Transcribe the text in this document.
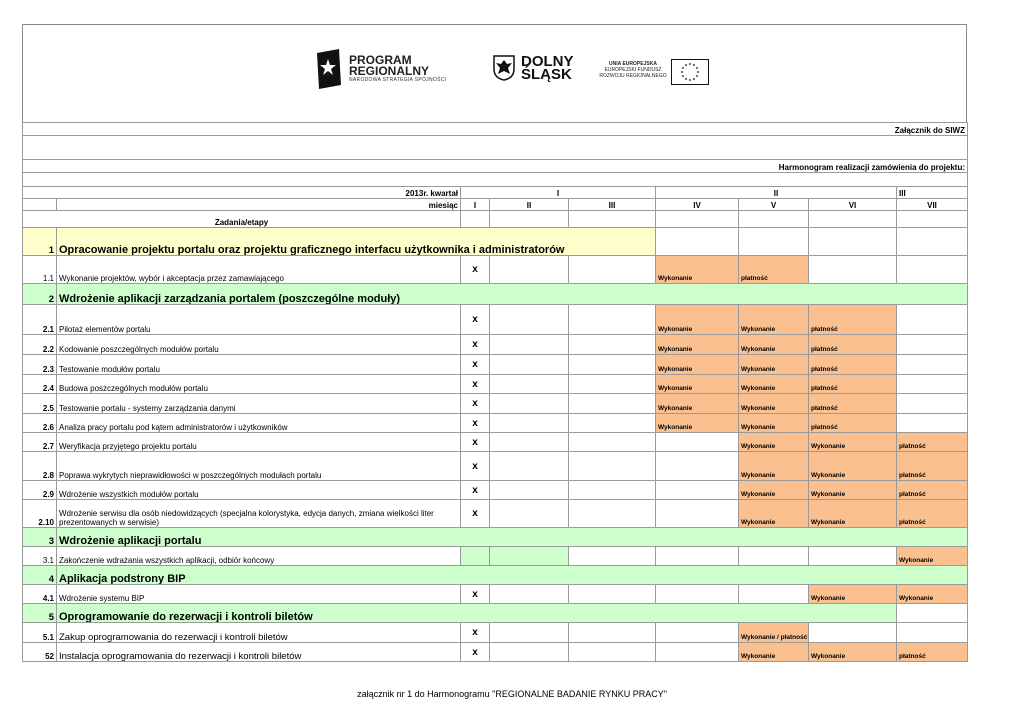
PROGRAM
REGIONALNY
NARODOWA STRATEGIA SPÓJNOŚCI
DOLNY
ŚLĄSK
UNIA EUROPEJSKA
EUROPEJSKI FUNDUSZ
ROZWOJU REGIONALNEGO
Załącznik do SIWZ									

Harmonogram realizacji zamówienia do projektu:									

2013r. kwartał		I			II			III	
	miesiąc	I	II	III	IV	V	VI	VII	
Zadania/etapy									
1	Opracowanie projektu portalu oraz projektu graficznego interfacu użytkownika i administratorów								
1.1	Wykonanie projektów, wybór i akceptacja przez zamawiającego	x			Wykonanie	płatność			
2	Wdrożenie aplikacji zarządzania portalem (poszczególne moduły)								
2.1	Pilotaż elementów portalu	x			Wykonanie	Wykonanie	płatność		
2.2	Kodowanie poszczególnych modułów portalu	x			Wykonanie	Wykonanie	płatność		
2.3	Testowanie modułów portalu	x			Wykonanie	Wykonanie	płatność		
2.4	Budowa poszczególnych modułów portalu	x			Wykonanie	Wykonanie	płatność		
2.5	Testowanie portalu - systemy zarządzania danymi	x			Wykonanie	Wykonanie	płatność		
2.6	Analiza pracy portalu pod kątem administratorów i użytkowników	x			Wykonanie	Wykonanie	płatność		
2.7	Weryfikacja przyjętego projektu portalu	x				Wykonanie	Wykonanie	płatność	
2.8	Poprawa wykrytych nieprawidłowości w poszczególnych modułach portalu	x				Wykonanie	Wykonanie	płatność	
2.9	Wdrożenie wszystkich modułów portalu	x				Wykonanie	Wykonanie	płatność	
2.10	Wdrożenie serwisu dla osób niedowidzących (specjalna kolorystyka, edycja danych, zmiana wielkości liter prezentowanych w serwisie)	x				Wykonanie	Wykonanie	płatność	
3	Wdrożenie aplikacji portalu								
3.1	Zakończenie wdrażania wszystkich aplikacji, odbiór końcowy							Wykonanie	
4	Aplikacja podstrony BIP								
4.1	Wdrożenie systemu BIP	x					Wykonanie	Wykonanie	
5	Oprogramowanie do rezerwacji i kontroli biletów								
5.1	Zakup oprogramowania do rezerwacji i kontroli biletów	x				Wykonanie / płatność			
52	Instalacja oprogramowania do rezerwacji i kontroli biletów	x				Wykonanie	Wykonanie	płatność	
załącznik nr 1 do Harmonogramu "REGIONALNE BADANIE RYNKU PRACY"
